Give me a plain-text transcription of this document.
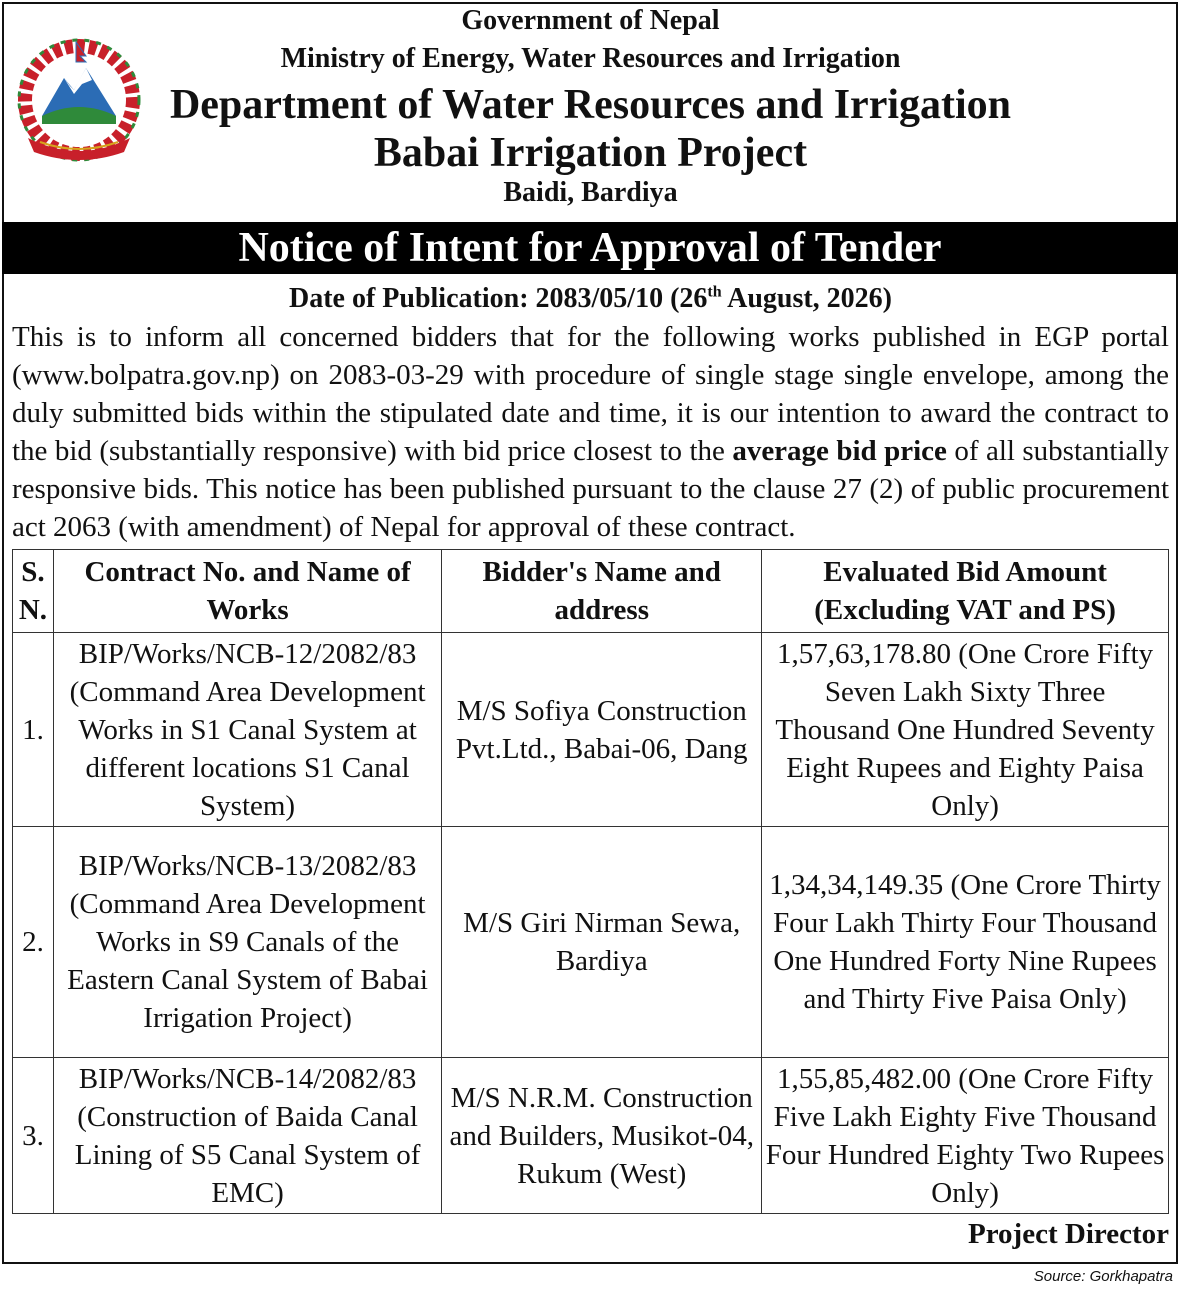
Government of Nepal
Ministry of Energy, Water Resources and Irrigation
Department of Water Resources and Irrigation
Babai Irrigation Project
Baidi, Bardiya
Notice of Intent for Approval of Tender
Date of Publication: 2083/05/10 (26th August, 2026)
This is to inform all concerned bidders that for the following works published in EGP portal (www.bolpatra.gov.np) on 2083-03-29 with procedure of single stage single envelope, among the duly submitted bids within the stipulated date and time, it is our intention to award the contract to the bid (substantially responsive) with bid price closest to the average bid price of all substantially responsive bids. This notice has been published pursuant to the clause 27 (2) of public procurement act 2063 (with amendment) of Nepal for approval of these contract.
S. N.	Contract No. and Name of Works	Bidder's Name and address	Evaluated Bid Amount (Excluding VAT and PS)
1.	BIP/Works/NCB-12/2082/83 (Command Area Development Works in S1 Canal System at different locations S1 Canal System)	M/S Sofiya Construction Pvt.Ltd., Babai-06, Dang	1,57,63,178.80 (One Crore Fifty Seven Lakh Sixty Three Thousand One Hundred Seventy Eight Rupees and Eighty Paisa Only)
2.	BIP/Works/NCB-13/2082/83 (Command Area Development Works in S9 Canals of the Eastern Canal System of Babai Irrigation Project)	M/S Giri Nirman Sewa, Bardiya	1,34,34,149.35 (One Crore Thirty Four Lakh Thirty Four Thousand One Hundred Forty Nine Rupees and Thirty Five Paisa Only)
3.	BIP/Works/NCB-14/2082/83 (Construction of Baida Canal Lining of S5 Canal System of EMC)	M/S N.R.M. Construction and Builders, Musikot-04, Rukum (West)	1,55,85,482.00 (One Crore Fifty Five Lakh Eighty Five Thousand Four Hundred Eighty Two Rupees Only)
Project Director
Source: Gorkhapatra
